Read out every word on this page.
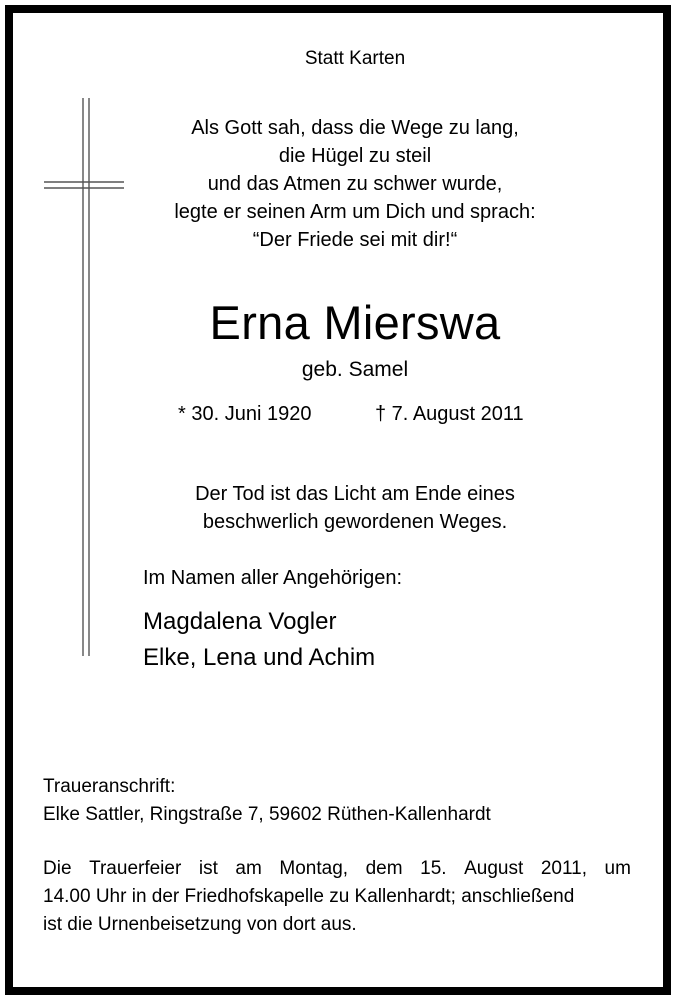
Statt Karten
Als Gott sah, dass die Wege zu lang,
die Hügel zu steil
und das Atmen zu schwer wurde,
legte er seinen Arm um Dich und sprach:
“Der Friede sei mit dir!“
Erna Mierswa
geb. Samel
* 30. Juni 1920	† 7. August 2011
Der Tod ist das Licht am Ende eines
beschwerlich gewordenen Weges.
Im Namen aller Angehörigen:
Magdalena Vogler
Elke, Lena und Achim
Traueranschrift:
Elke Sattler, Ringstraße 7, 59602 Rüthen-Kallenhardt
Die Trauerfeier ist am Montag, dem 15. August 2011, um
14.00 Uhr in der Friedhofskapelle zu Kallenhardt; anschließend
ist die Urnenbeisetzung von dort aus.
